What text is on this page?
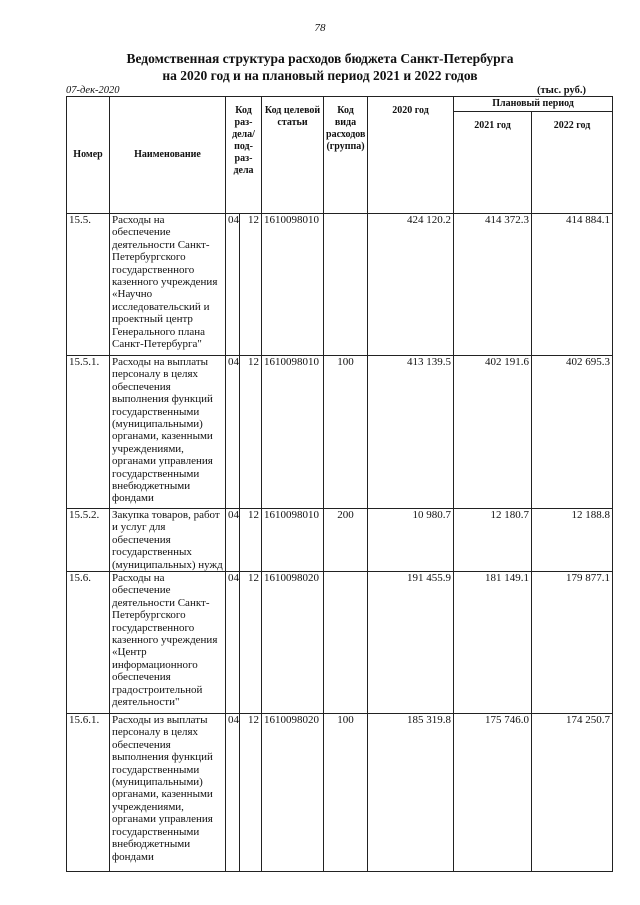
78
Ведомственная структура расходов бюджета Санкт-Петербурга
на 2020 год и на плановый период 2021 и 2022 годов
07-дек-2020	(тыс. руб.)
Номер	Наименование	Код раз- дела/ под- раз- дела		Код целевой статьи	Код вида расходов (группа)	2020 год	Плановый период	
							2021 год	2022 год
15.5.	Расходы на обеспечение деятельности Санкт-Петербургского государственного казенного учреждения «Научно исследовательский и проектный центр Генерального плана Санкт-Петербурга"	04	12	1610098010		424 120.2	414 372.3	414 884.1
15.5.1.	Расходы на выплаты персоналу в целях обеспечения выполнения функций государственными (муниципальными) органами, казенными учреждениями, органами управления государственными внебюджетными фондами	04	12	1610098010	100	413 139.5	402 191.6	402 695.3
15.5.2.	Закупка товаров, работ и услуг для обеспечения государственных (муниципальных) нужд	04	12	1610098010	200	10 980.7	12 180.7	12 188.8
15.6.	Расходы на обеспечение деятельности Санкт-Петербургского государственного казенного учреждения «Центр информационного обеспечения градостроительной деятельности"	04	12	1610098020		191 455.9	181 149.1	179 877.1
15.6.1.	Расходы из выплаты персоналу в целях обеспечения выполнения функций государственными (муниципальными) органами, казенными учреждениями, органами управления государственными внебюджетными фондами	04	12	1610098020	100	185 319.8	175 746.0	174 250.7
